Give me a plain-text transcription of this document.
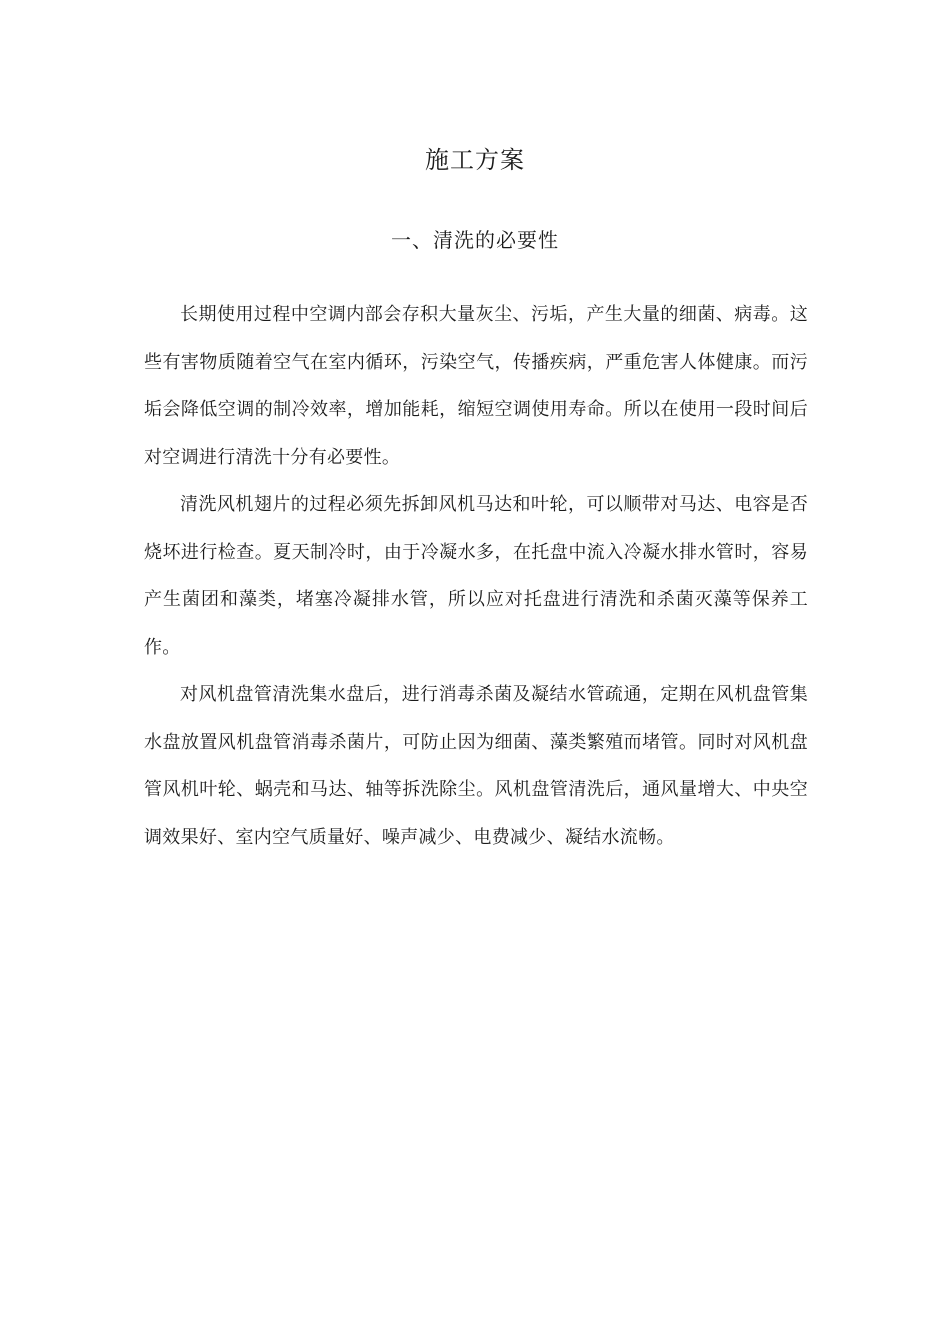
施工方案
一、清洗的必要性

长期使用过程中空调内部会存积大量灰尘、污垢，产生大量的细菌、病毒。这些有害物质随着空气在室内循环，污染空气，传播疾病，严重危害人体健康。而污垢会降低空调的制冷效率，增加能耗，缩短空调使用寿命。所以在使用一段时间后对空调进行清洗十分有必要性。

清洗风机翅片的过程必须先拆卸风机马达和叶轮，可以顺带对马达、电容是否烧坏进行检查。夏天制冷时，由于冷凝水多，在托盘中流入冷凝水排水管时，容易产生菌团和藻类，堵塞冷凝排水管，所以应对托盘进行清洗和杀菌灭藻等保养工作。

对风机盘管清洗集水盘后，进行消毒杀菌及凝结水管疏通，定期在风机盘管集水盘放置风机盘管消毒杀菌片，可防止因为细菌、藻类繁殖而堵管。同时对风机盘管风机叶轮、蜗壳和马达、轴等拆洗除尘。风机盘管清洗后，通风量增大、中央空调效果好、室内空气质量好、噪声减少、电费减少、凝结水流畅。
